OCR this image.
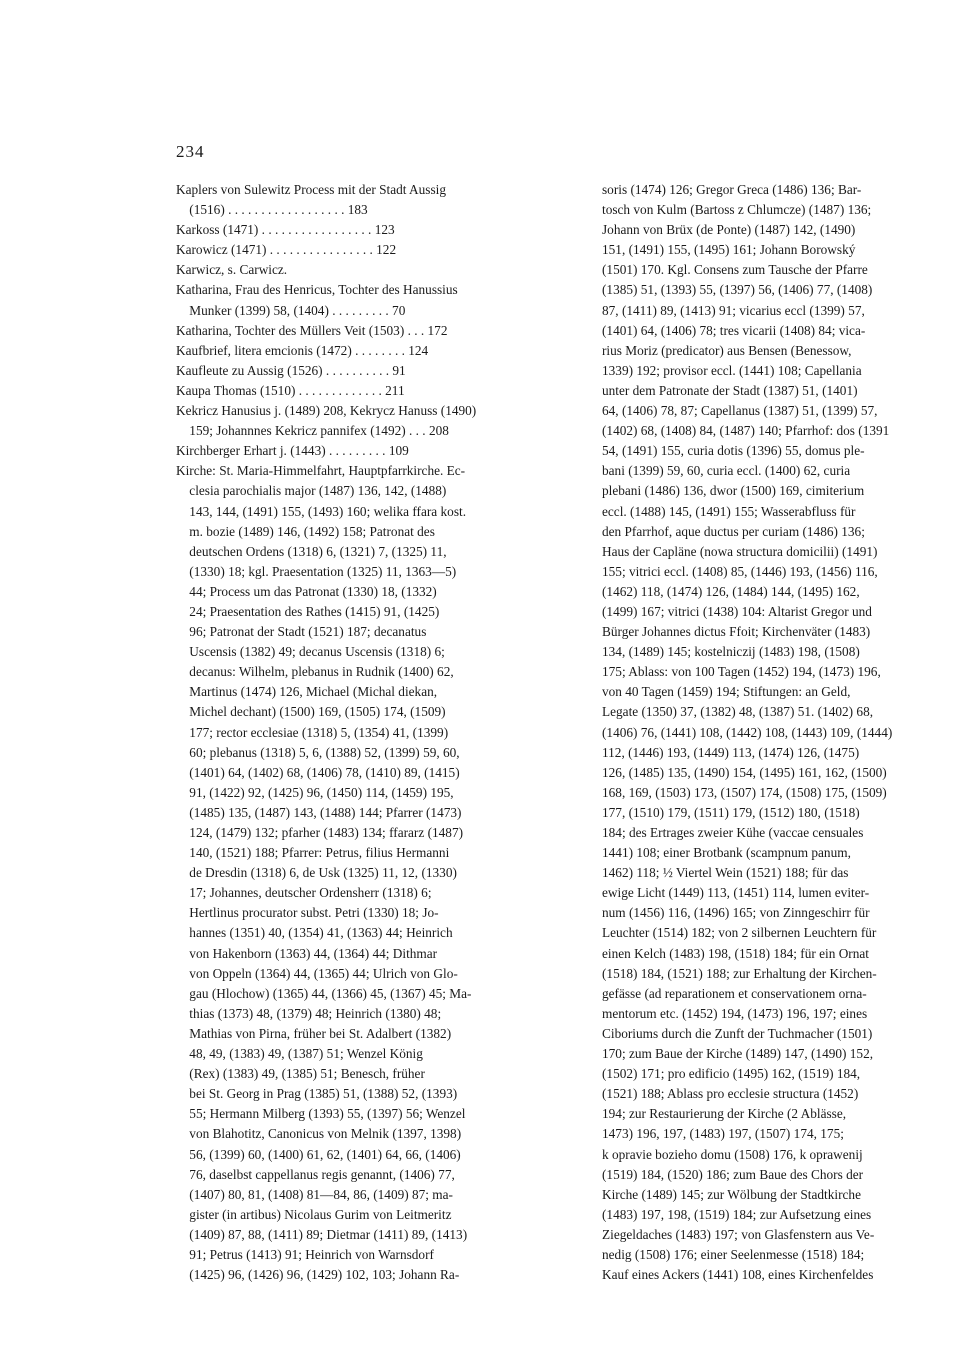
234
Kaplers von Sulewitz Process mit der Stadt Aussig
(1516) . . . . . . . . . . . . . . . . . . 183
Karkoss (1471) . . . . . . . . . . . . . . . . . 123
Karowicz (1471) . . . . . . . . . . . . . . . . 122
Karwicz, s. Carwicz.
Katharina, Frau des Henricus, Tochter des Hanussius
Munker (1399) 58, (1404) . . . . . . . . . 70
Katharina, Tochter des Müllers Veit (1503) . . . 172
Kaufbrief, litera emcionis (1472) . . . . . . . . 124
Kaufleute zu Aussig (1526) . . . . . . . . . . 91
Kaupa Thomas (1510) . . . . . . . . . . . . . 211
Kekricz Hanusius j. (1489) 208, Kekrycz Hanuss (1490)
159; Johannnes Kekricz pannifex (1492) . . . 208
Kirchberger Erhart j. (1443) . . . . . . . . . 109
Kirche: St. Maria-Himmelfahrt, Hauptpfarrkirche. Ec-
clesia parochialis major (1487) 136, 142, (1488)
143, 144, (1491) 155, (1493) 160; welika ffara kost.
m. bozie (1489) 146, (1492) 158; Patronat des
deutschen Ordens (1318) 6, (1321) 7, (1325) 11,
(1330) 18; kgl. Praesentation (1325) 11, 1363—5)
44; Process um das Patronat (1330) 18, (1332)
24; Praesentation des Rathes (1415) 91, (1425)
96; Patronat der Stadt (1521) 187; decanatus
Uscensis (1382) 49; decanus Uscensis (1318) 6;
decanus: Wilhelm, plebanus in Rudnik (1400) 62,
Martinus (1474) 126, Michael (Michal diekan,
Michel dechant) (1500) 169, (1505) 174, (1509)
177; rector ecclesiae (1318) 5, (1354) 41, (1399)
60; plebanus (1318) 5, 6, (1388) 52, (1399) 59, 60,
(1401) 64, (1402) 68, (1406) 78, (1410) 89, (1415)
91, (1422) 92, (1425) 96, (1450) 114, (1459) 195,
(1485) 135, (1487) 143, (1488) 144; Pfarrer (1473)
124, (1479) 132; pfarher (1483) 134; ffararz (1487)
140, (1521) 188; Pfarrer: Petrus, filius Hermanni
de Dresdin (1318) 6, de Usk (1325) 11, 12, (1330)
17; Johannes, deutscher Ordensherr (1318) 6;
Hertlinus procurator subst. Petri (1330) 18; Jo-
hannes (1351) 40, (1354) 41, (1363) 44; Heinrich
von Hakenborn (1363) 44, (1364) 44; Dithmar
von Oppeln (1364) 44, (1365) 44; Ulrich von Glo-
gau (Hlochow) (1365) 44, (1366) 45, (1367) 45; Ma-
thias (1373) 48, (1379) 48; Heinrich (1380) 48;
Mathias von Pirna, früher bei St. Adalbert (1382)
48, 49, (1383) 49, (1387) 51; Wenzel König
(Rex) (1383) 49, (1385) 51; Benesch, früher
bei St. Georg in Prag (1385) 51, (1388) 52, (1393)
55; Hermann Milberg (1393) 55, (1397) 56; Wenzel
von Blahotitz, Canonicus von Melnik (1397, 1398)
56, (1399) 60, (1400) 61, 62, (1401) 64, 66, (1406)
76, daselbst cappellanus regis genannt, (1406) 77,
(1407) 80, 81, (1408) 81—84, 86, (1409) 87; ma-
gister (in artibus) Nicolaus Gurim von Leitmeritz
(1409) 87, 88, (1411) 89; Dietmar (1411) 89, (1413)
91; Petrus (1413) 91; Heinrich von Warnsdorf
(1425) 96, (1426) 96, (1429) 102, 103; Johann Ra-
soris (1474) 126; Gregor Greca (1486) 136; Bar-
tosch von Kulm (Bartoss z Chlumcze) (1487) 136;
Johann von Brüx (de Ponte) (1487) 142, (1490)
151, (1491) 155, (1495) 161; Johann Borowský
(1501) 170. Kgl. Consens zum Tausche der Pfarre
(1385) 51, (1393) 55, (1397) 56, (1406) 77, (1408)
87, (1411) 89, (1413) 91; vicarius eccl (1399) 57,
(1401) 64, (1406) 78; tres vicarii (1408) 84; vica-
rius Moriz (predicator) aus Bensen (Benessow,
1339) 192; provisor eccl. (1441) 108; Capellania
unter dem Patronate der Stadt (1387) 51, (1401)
64, (1406) 78, 87; Capellanus (1387) 51, (1399) 57,
(1402) 68, (1408) 84, (1487) 140; Pfarrhof: dos (1391
54, (1491) 155, curia dotis (1396) 55, domus ple-
bani (1399) 59, 60, curia eccl. (1400) 62, curia
plebani (1486) 136, dwor (1500) 169, cimiterium
eccl. (1488) 145, (1491) 155; Wasserabfluss für
den Pfarrhof, aque ductus per curiam (1486) 136;
Haus der Capläne (nowa structura domicilii) (1491)
155; vitrici eccl. (1408) 85, (1446) 193, (1456) 116,
(1462) 118, (1474) 126, (1484) 144, (1495) 162,
(1499) 167; vitrici (1438) 104: Altarist Gregor und
Bürger Johannes dictus Ffoit; Kirchenväter (1483)
134, (1489) 145; kostelniczij (1483) 198, (1508)
175; Ablass: von 100 Tagen (1452) 194, (1473) 196,
von 40 Tagen (1459) 194; Stiftungen: an Geld,
Legate (1350) 37, (1382) 48, (1387) 51. (1402) 68,
(1406) 76, (1441) 108, (1442) 108, (1443) 109, (1444)
112, (1446) 193, (1449) 113, (1474) 126, (1475)
126, (1485) 135, (1490) 154, (1495) 161, 162, (1500)
168, 169, (1503) 173, (1507) 174, (1508) 175, (1509)
177, (1510) 179, (1511) 179, (1512) 180, (1518)
184; des Ertrages zweier Kühe (vaccae censuales
1441) 108; einer Brotbank (scampnum panum,
1462) 118; ½ Viertel Wein (1521) 188; für das
ewige Licht (1449) 113, (1451) 114, lumen eviter-
num (1456) 116, (1496) 165; von Zinngeschirr für
Leuchter (1514) 182; von 2 silbernen Leuchtern für
einen Kelch (1483) 198, (1518) 184; für ein Ornat
(1518) 184, (1521) 188; zur Erhaltung der Kirchen-
gefässe (ad reparationem et conservationem orna-
mentorum etc. (1452) 194, (1473) 196, 197; eines
Ciboriums durch die Zunft der Tuchmacher (1501)
170; zum Baue der Kirche (1489) 147, (1490) 152,
(1502) 171; pro edificio (1495) 162, (1519) 184,
(1521) 188; Ablass pro ecclesie structura (1452)
194; zur Restaurierung der Kirche (2 Ablässe,
1473) 196, 197, (1483) 197, (1507) 174, 175;
k opravie bozieho domu (1508) 176, k oprawenij
(1519) 184, (1520) 186; zum Baue des Chors der
Kirche (1489) 145; zur Wölbung der Stadtkirche
(1483) 197, 198, (1519) 184; zur Aufsetzung eines
Ziegeldaches (1483) 197; von Glasfenstern aus Ve-
nedig (1508) 176; einer Seelenmesse (1518) 184;
Kauf eines Ackers (1441) 108, eines Kirchenfeldes
